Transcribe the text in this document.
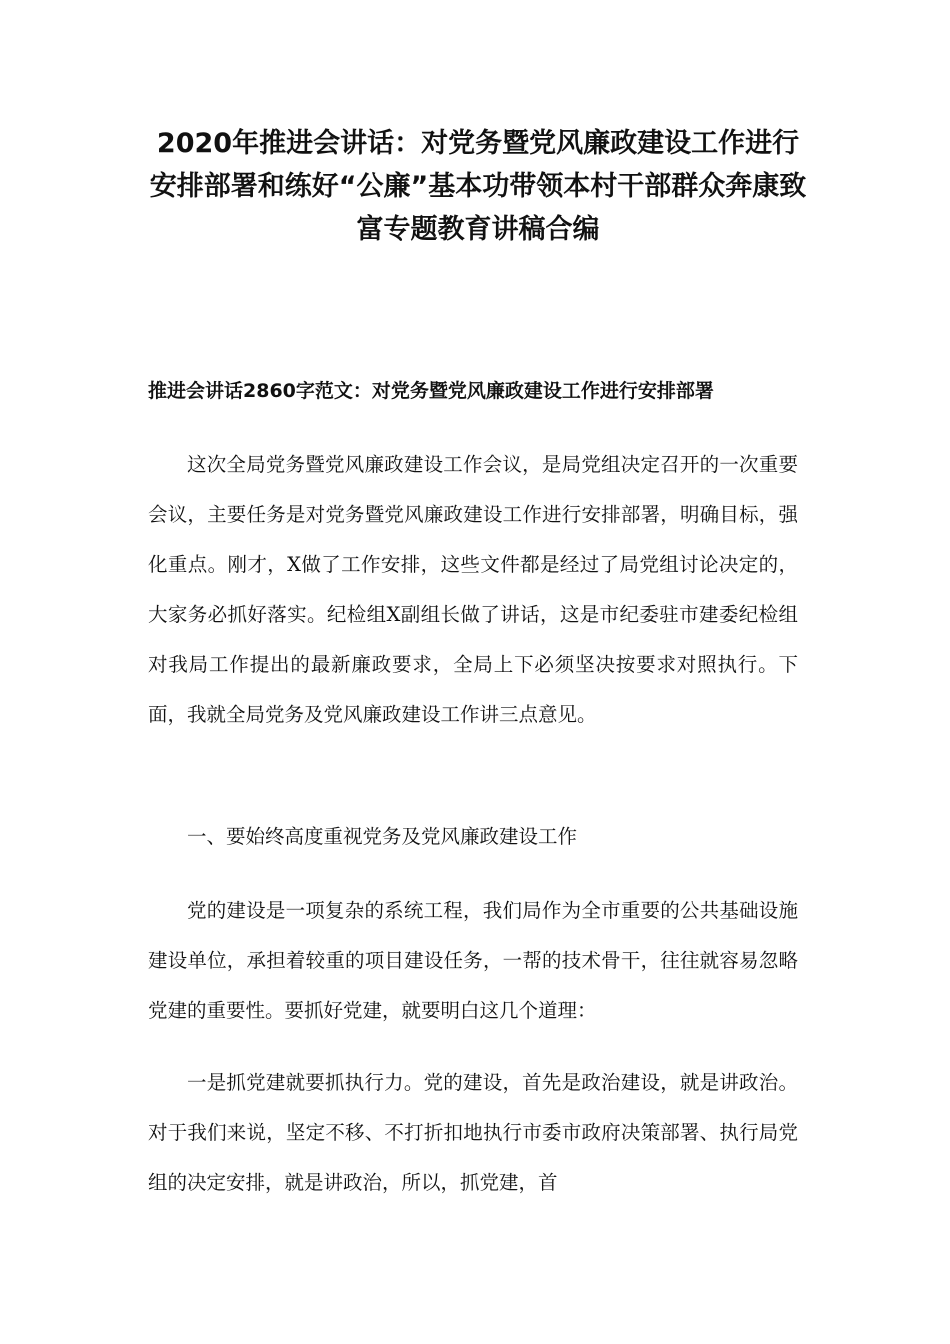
2020年推进会讲话：对党务暨党风廉政建设工作进行安排部署和练好“公廉”基本功带领本村干部群众奔康致富专题教育讲稿合编
推进会讲话2860字范文：对党务暨党风廉政建设工作进行安排部署

这次全局党务暨党风廉政建设工作会议，是局党组决定召开的一次重要会议，主要任务是对党务暨党风廉政建设工作进行安排部署，明确目标，强化重点。刚才，X做了工作安排，这些文件都是经过了局党组讨论决定的，大家务必抓好落实。纪检组X副组长做了讲话，这是市纪委驻市建委纪检组对我局工作提出的最新廉政要求，全局上下必须坚决按要求对照执行。下面，我就全局党务及党风廉政建设工作讲三点意见。

一、要始终高度重视党务及党风廉政建设工作

党的建设是一项复杂的系统工程，我们局作为全市重要的公共基础设施建设单位，承担着较重的项目建设任务，一帮的技术骨干，往往就容易忽略党建的重要性。要抓好党建，就要明白这几个道理：

一是抓党建就要抓执行力。党的建设，首先是政治建设，就是讲政治。对于我们来说，坚定不移、不打折扣地执行市委市政府决策部署、执行局党组的决定安排，就是讲政治，所以，抓党建，首
